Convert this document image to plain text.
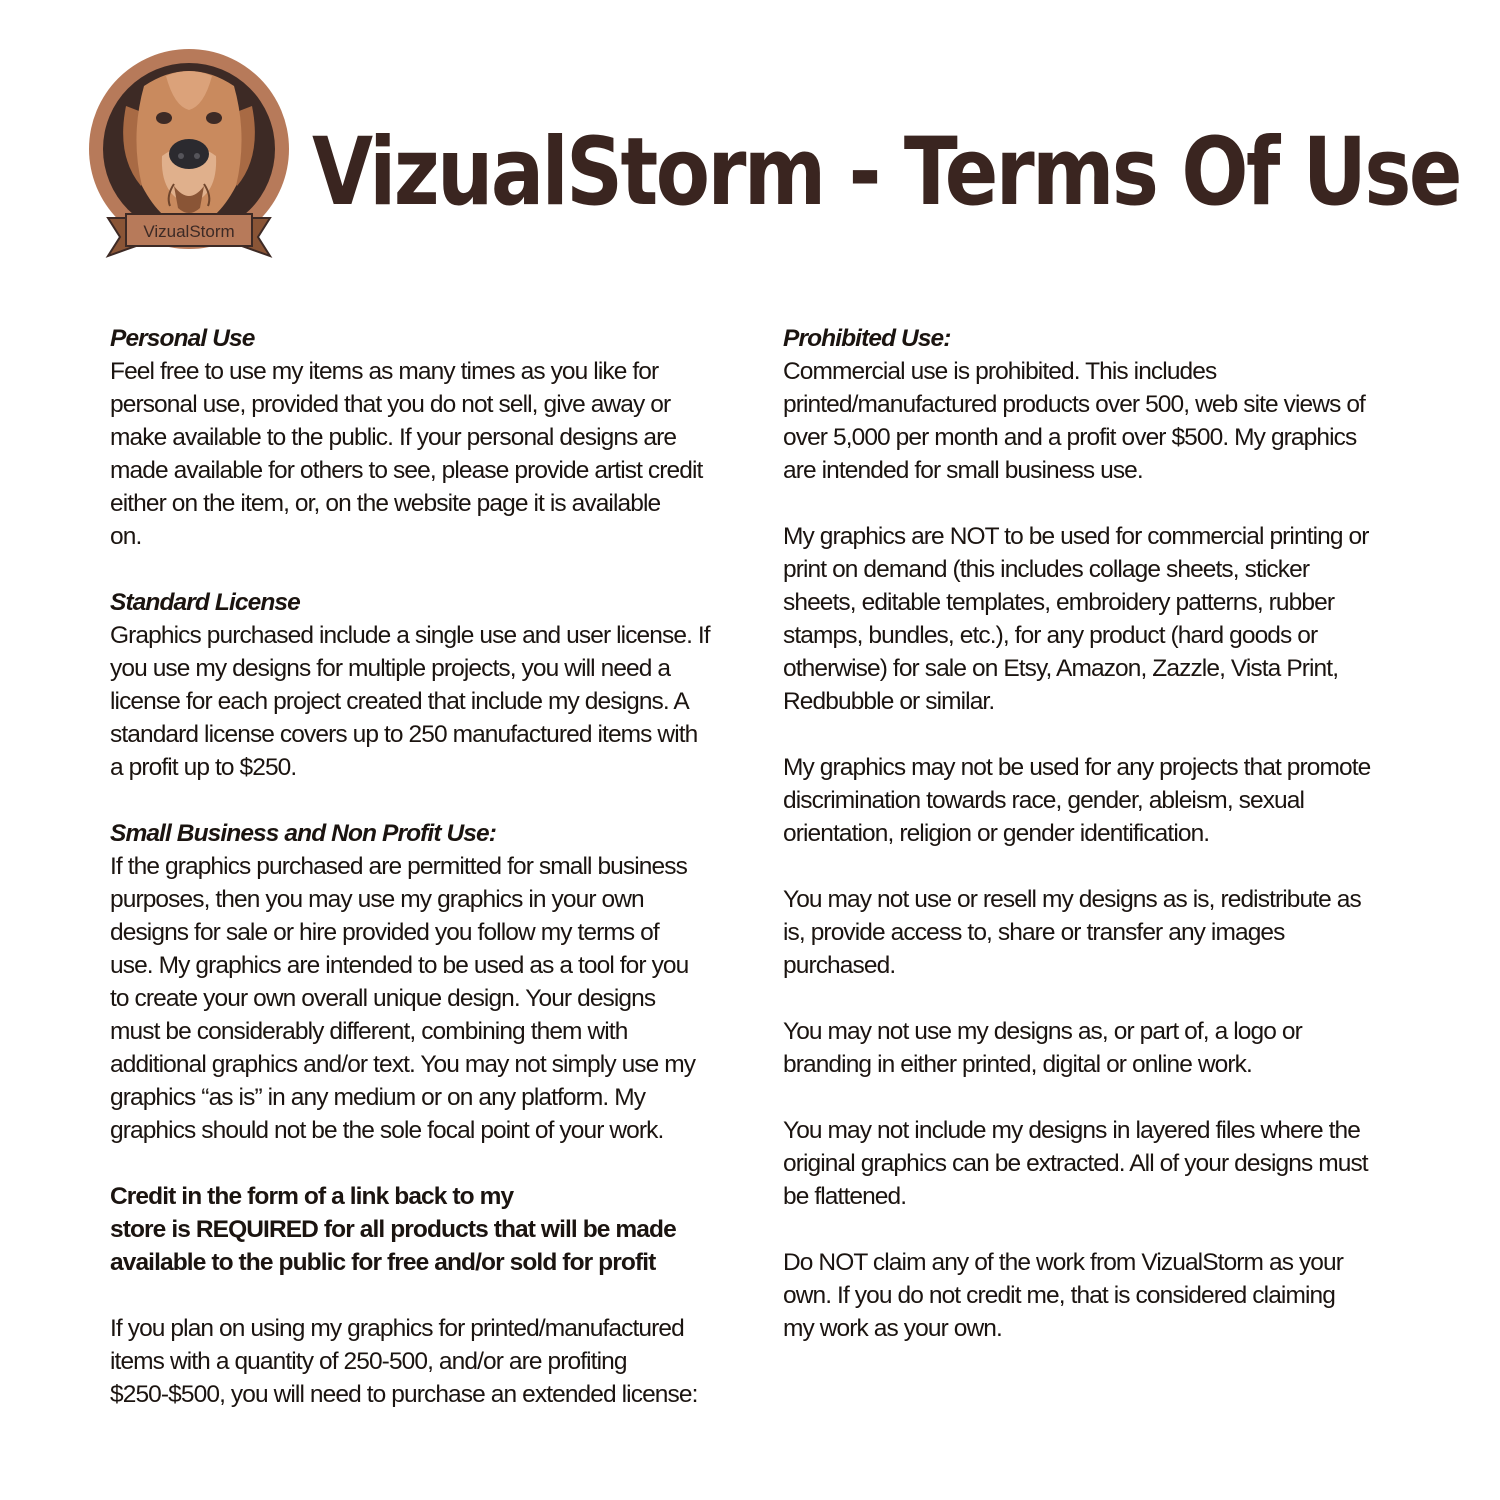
VizualStorm
VizualStorm - Terms Of Use

Personal Use

Feel free to use my items as many times as you like for
personal use, provided that you do not sell, give away or
make available to the public. If your personal designs are
made available for others to see, please provide artist credit
either on the item, or, on the website page it is available
on.

Standard License

Graphics purchased include a single use and user license. If
you use my designs for multiple projects, you will need a
license for each project created that include my designs. A
standard license covers up to 250 manufactured items with
a profit up to $250.

Small Business and Non Profit Use:

If the graphics purchased are permitted for small business
purposes, then you may use my graphics in your own
designs for sale or hire provided you follow my terms of
use. My graphics are intended to be used as a tool for you
to create your own overall unique design. Your designs
must be considerably different, combining them with
additional graphics and/or text. You may not simply use my
graphics “as is” in any medium or on any platform. My
graphics should not be the sole focal point of your work.

Credit in the form of a link back to my
store is REQUIRED for all products that will be made
available to the public for free and/or sold for profit

If you plan on using my graphics for printed/manufactured
items with a quantity of 250-500, and/or are profiting
$250-$500, you will need to purchase an extended license:

Prohibited Use:

Commercial use is prohibited. This includes
printed/manufactured products over 500, web site views of
over 5,000 per month and a profit over $500. My graphics
are intended for small business use.

My graphics are NOT to be used for commercial printing or
print on demand (this includes collage sheets, sticker
sheets, editable templates, embroidery patterns, rubber
stamps, bundles, etc.), for any product (hard goods or
otherwise) for sale on Etsy, Amazon, Zazzle, Vista Print,
Redbubble or similar.

My graphics may not be used for any projects that promote
discrimination towards race, gender, ableism, sexual
orientation, religion or gender identification.

You may not use or resell my designs as is, redistribute as
is, provide access to, share or transfer any images
purchased.

You may not use my designs as, or part of, a logo or
branding in either printed, digital or online work.

You may not include my designs in layered files where the
original graphics can be extracted. All of your designs must
be flattened.

Do NOT claim any of the work from VizualStorm as your
own. If you do not credit me, that is considered claiming
my work as your own.
